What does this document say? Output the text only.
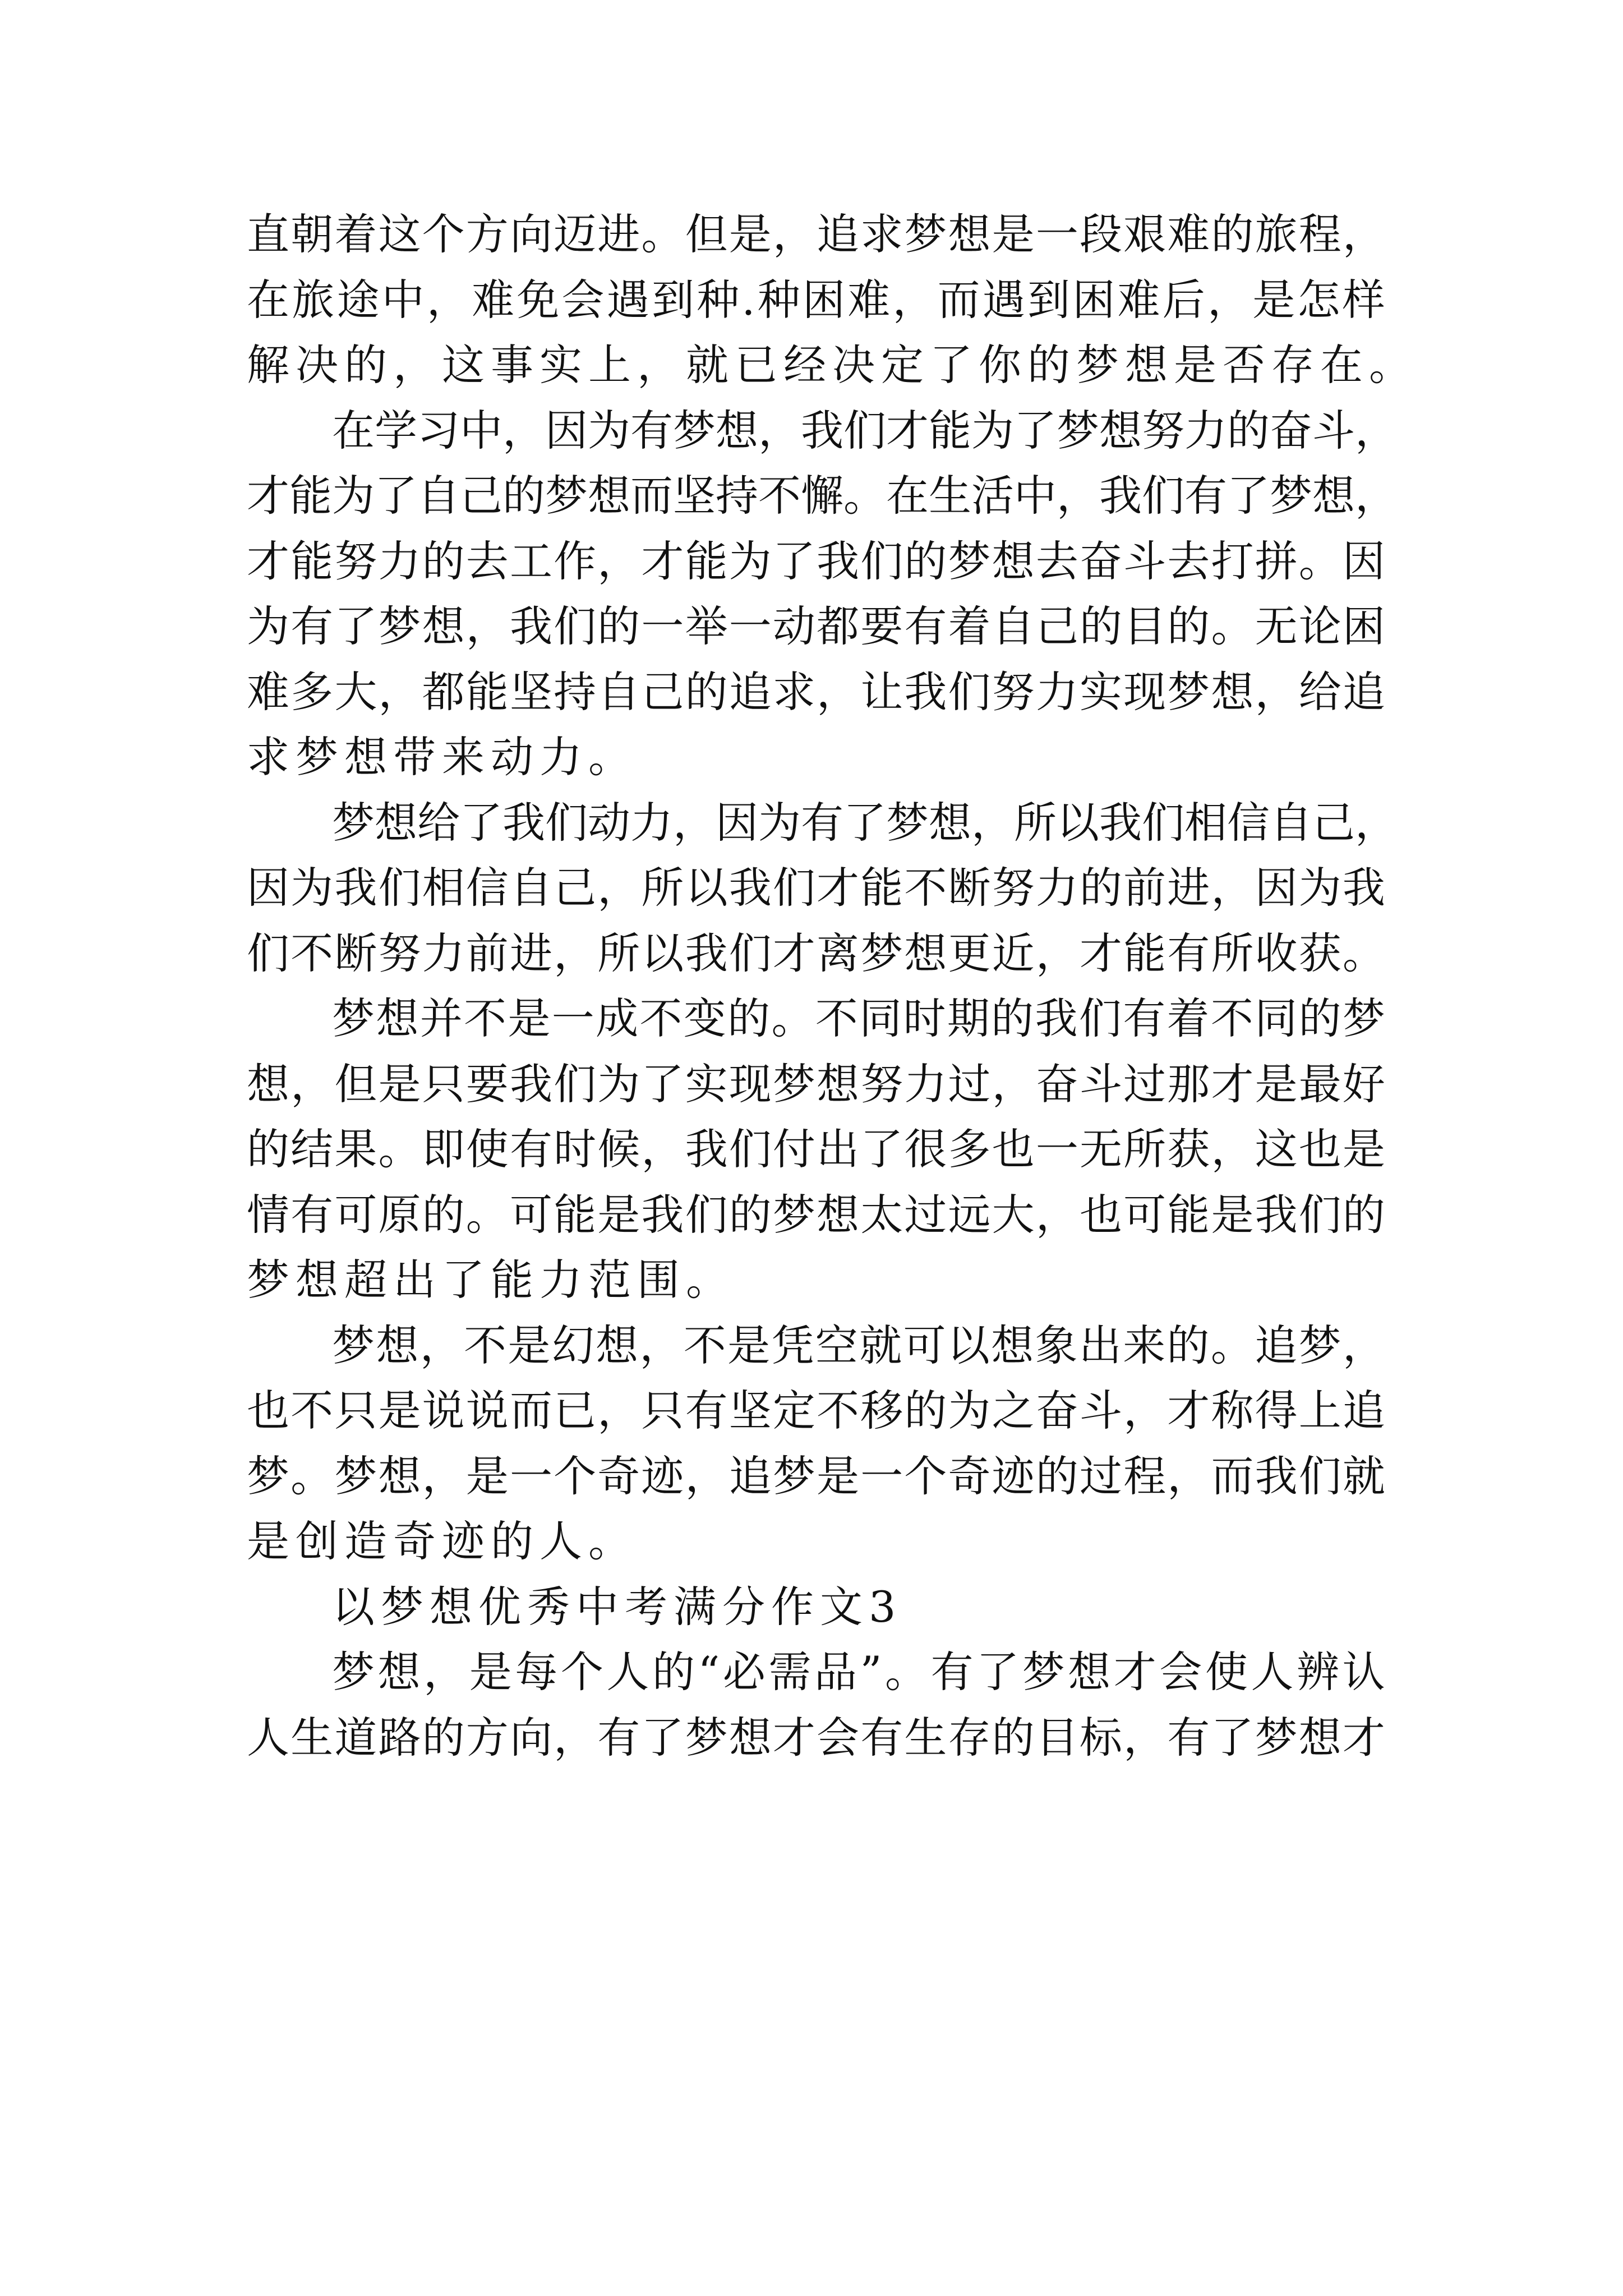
直 朝 着 这 个 方 向 迈 进 。 但 是 ， 追 求 梦 想 是 一 段 艰 难 的 旅 程 ，
在 旅 途 中 ， 难 免 会 遇 到 种 . 种 困 难 ， 而 遇 到 困 难 后 ， 是 怎 样
解 决 的 ， 这 事 实 上 ， 就 已 经 决 定 了 你 的 梦 想 是 否 存 在 。
在 学 习 中 ， 因 为 有 梦 想 ， 我 们 才 能 为 了 梦 想 努 力 的 奋 斗 ，
才 能 为 了 自 己 的 梦 想 而 坚 持 不 懈 。 在 生 活 中 ， 我 们 有 了 梦 想 ，
才 能 努 力 的 去 工 作 ， 才 能 为 了 我 们 的 梦 想 去 奋 斗 去 打 拼 。 因
为 有 了 梦 想 ， 我 们 的 一 举 一 动 都 要 有 着 自 己 的 目 的 。 无 论 困
难 多 大 ， 都 能 坚 持 自 己 的 追 求 ， 让 我 们 努 力 实 现 梦 想 ， 给 追
求 梦 想 带 来 动 力 。
梦 想 给 了 我 们 动 力 ， 因 为 有 了 梦 想 ， 所 以 我 们 相 信 自 己 ，
因 为 我 们 相 信 自 己 ， 所 以 我 们 才 能 不 断 努 力 的 前 进 ， 因 为 我
们 不 断 努 力 前 进 ， 所 以 我 们 才 离 梦 想 更 近 ， 才 能 有 所 收 获 。
梦 想 并 不 是 一 成 不 变 的 。 不 同 时 期 的 我 们 有 着 不 同 的 梦
想 ， 但 是 只 要 我 们 为 了 实 现 梦 想 努 力 过 ， 奋 斗 过 那 才 是 最 好
的 结 果 。 即 使 有 时 候 ， 我 们 付 出 了 很 多 也 一 无 所 获 ， 这 也 是
情 有 可 原 的 。 可 能 是 我 们 的 梦 想 太 过 远 大 ， 也 可 能 是 我 们 的
梦 想 超 出 了 能 力 范 围 。
梦 想 ， 不 是 幻 想 ， 不 是 凭 空 就 可 以 想 象 出 来 的 。 追 梦 ，
也 不 只 是 说 说 而 已 ， 只 有 坚 定 不 移 的 为 之 奋 斗 ， 才 称 得 上 追
梦 。 梦 想 ， 是 一 个 奇 迹 ， 追 梦 是 一 个 奇 迹 的 过 程 ， 而 我 们 就
是 创 造 奇 迹 的 人 。
以 梦 想 优 秀 中 考 满 分 作 文 3
梦 想 ， 是 每 个 人 的 “ 必 需 品 ” 。 有 了 梦 想 才 会 使 人 辨 认
人 生 道 路 的 方 向 ， 有 了 梦 想 才 会 有 生 存 的 目 标 ， 有 了 梦 想 才
